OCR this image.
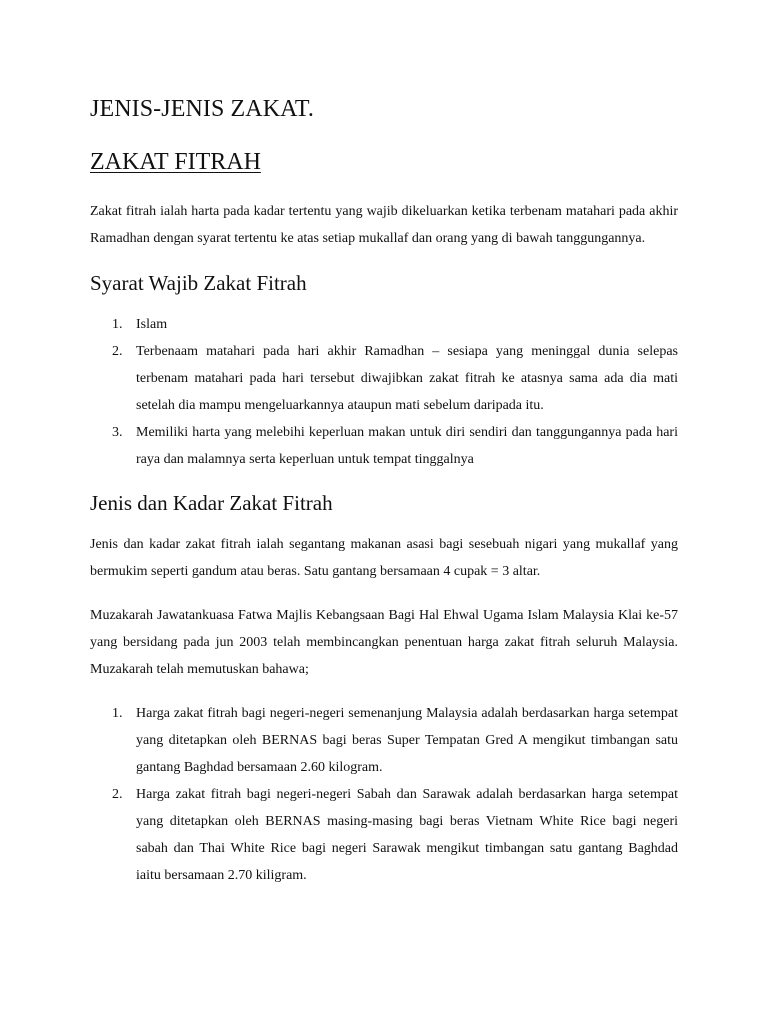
JENIS-JENIS ZAKAT.
ZAKAT FITRAH

Zakat fitrah ialah harta pada kadar tertentu yang wajib dikeluarkan ketika terbenam matahari pada akhir Ramadhan dengan syarat tertentu ke atas setiap mukallaf dan orang yang di bawah tanggungannya.

Syarat Wajib Zakat Fitrah
1. Islam
2. Terbenaam matahari pada hari akhir Ramadhan – sesiapa yang meninggal dunia selepas terbenam matahari pada hari tersebut diwajibkan zakat fitrah ke atasnya sama ada dia mati setelah dia mampu mengeluarkannya ataupun mati sebelum daripada itu.
3. Memiliki harta yang melebihi keperluan makan untuk diri sendiri dan tanggungannya pada hari raya dan malamnya serta keperluan untuk tempat tinggalnya
Jenis dan Kadar Zakat Fitrah

Jenis dan kadar zakat fitrah ialah segantang makanan asasi bagi sesebuah nigari yang mukallaf yang bermukim seperti gandum atau beras. Satu gantang bersamaan 4 cupak = 3 altar.

Muzakarah Jawatankuasa Fatwa Majlis Kebangsaan Bagi Hal Ehwal Ugama Islam Malaysia Klai ke-57 yang bersidang pada jun 2003 telah membincangkan penentuan harga zakat fitrah seluruh Malaysia. Muzakarah telah memutuskan bahawa;

1. Harga zakat fitrah bagi negeri-negeri semenanjung Malaysia adalah berdasarkan harga setempat yang ditetapkan oleh BERNAS bagi beras Super Tempatan Gred A mengikut timbangan satu gantang Baghdad bersamaan 2.60 kilogram.
2. Harga zakat fitrah bagi negeri-negeri Sabah dan Sarawak adalah berdasarkan harga setempat yang ditetapkan oleh BERNAS masing-masing bagi beras Vietnam White Rice bagi negeri sabah dan Thai White Rice bagi negeri Sarawak mengikut timbangan satu gantang Baghdad iaitu bersamaan 2.70 kiligram.
